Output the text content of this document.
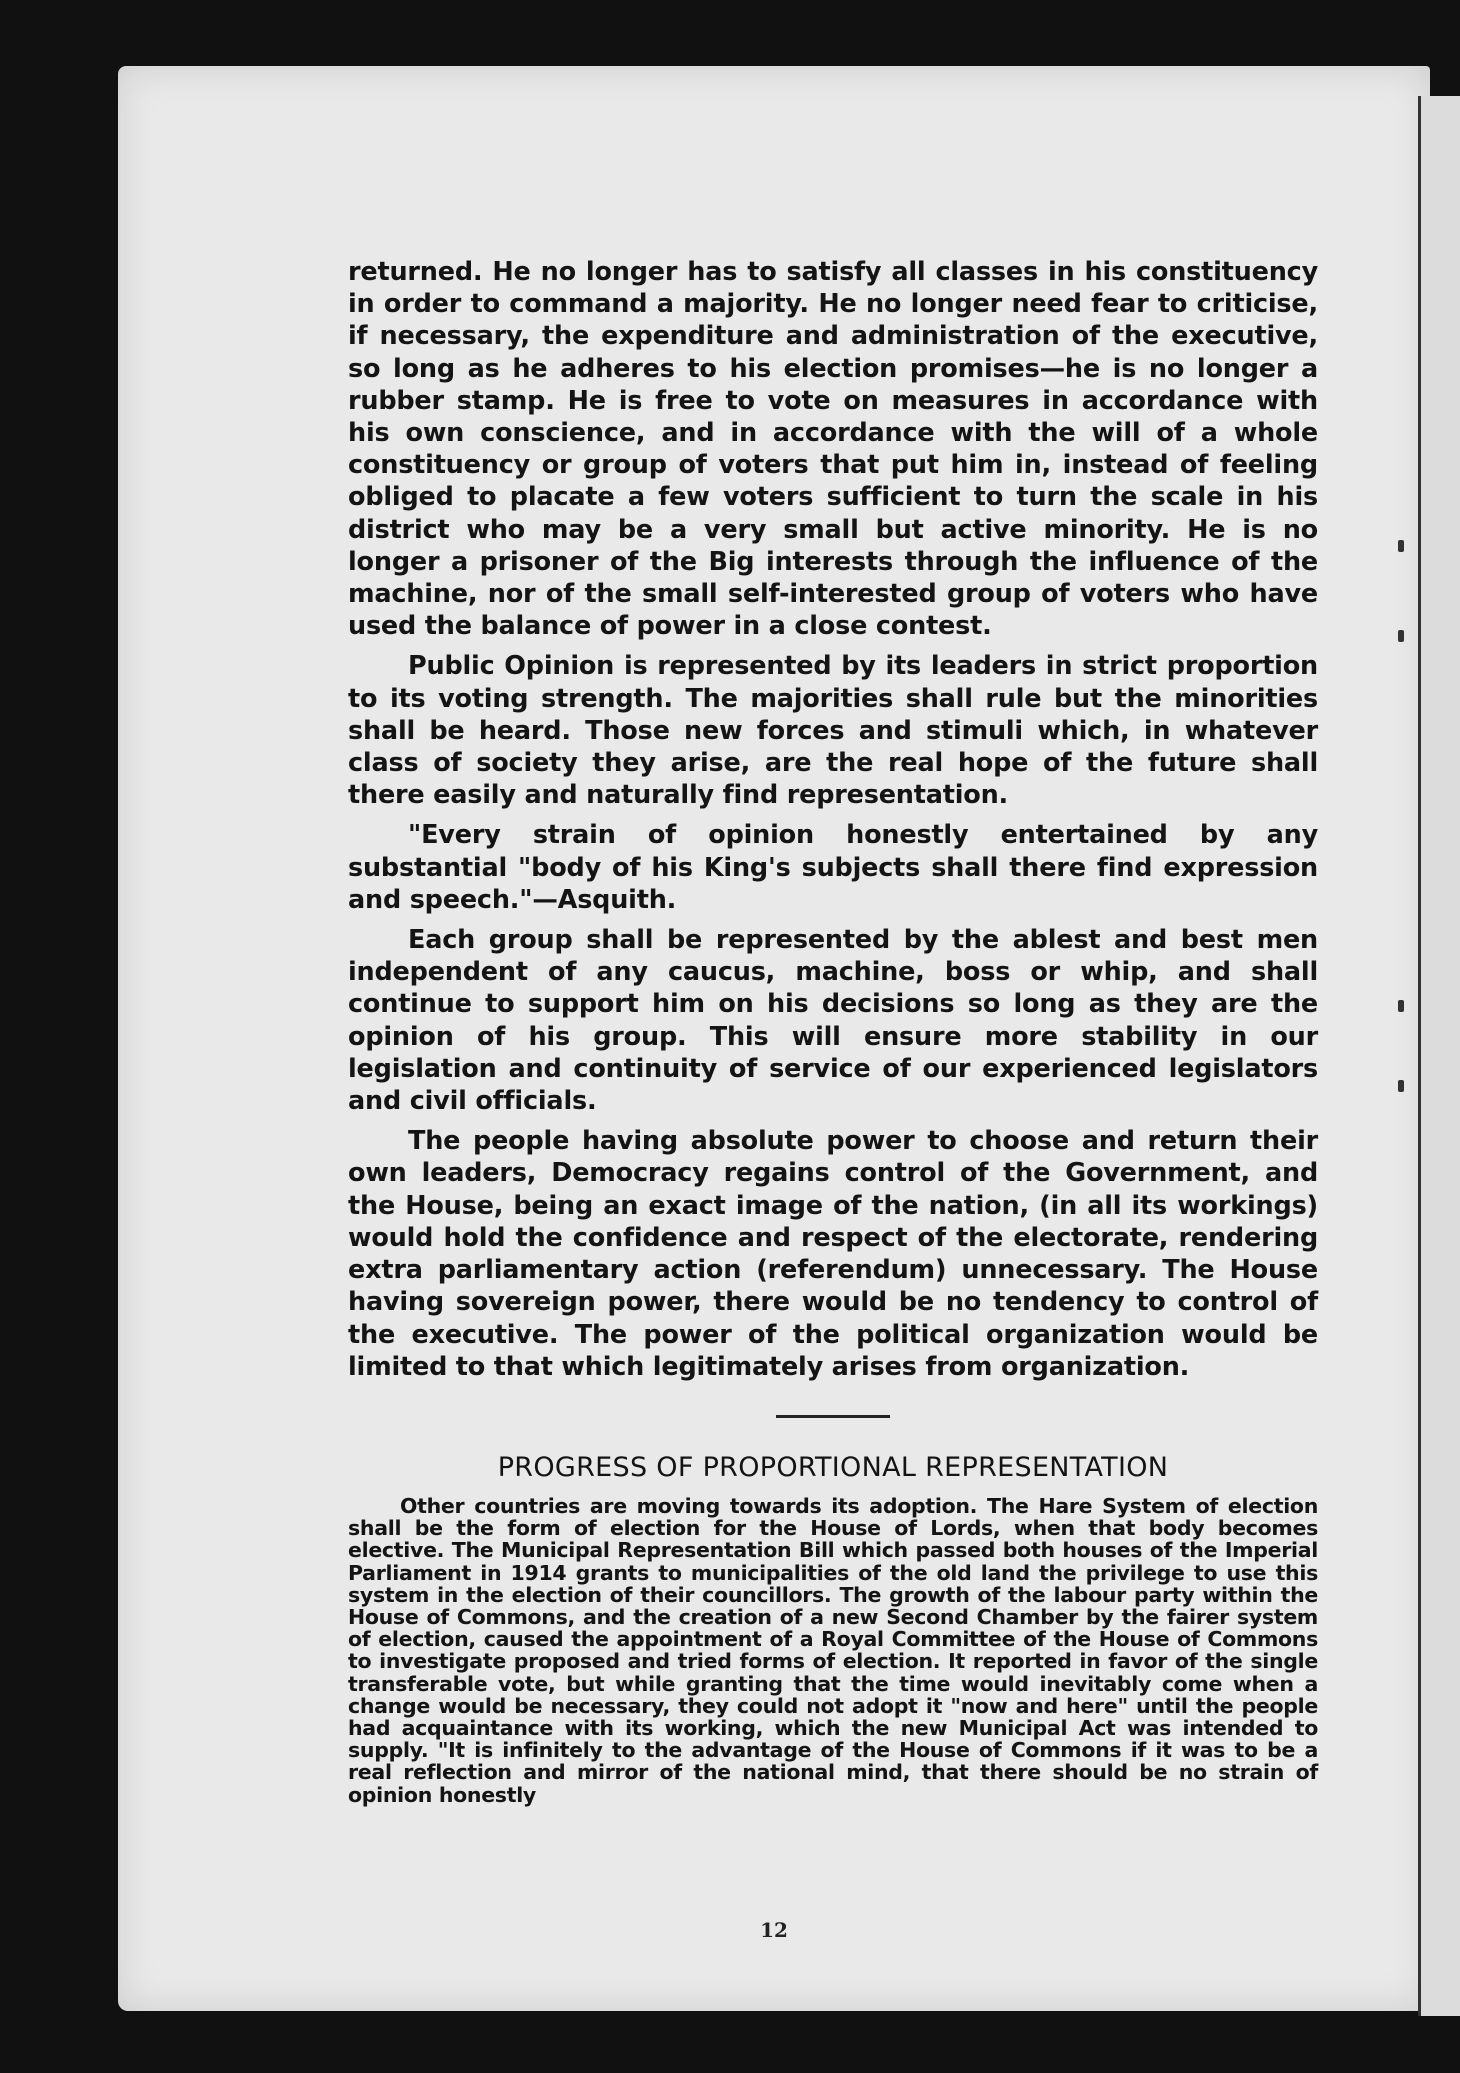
returned. He no longer has to satisfy all classes in his constituency in order to command a majority. He no longer need fear to criticise, if necessary, the expenditure and administration of the executive, so long as he adheres to his election promises—he is no longer a rubber stamp. He is free to vote on measures in accordance with his own conscience, and in accordance with the will of a whole constituency or group of voters that put him in, instead of feeling obliged to placate a few voters sufficient to turn the scale in his district who may be a very small but active minority. He is no longer a prisoner of the Big interests through the influence of the machine, nor of the small self-interested group of voters who have used the balance of power in a close contest.

Public Opinion is represented by its leaders in strict proportion to its voting strength. The majorities shall rule but the minorities shall be heard. Those new forces and stimuli which, in whatever class of society they arise, are the real hope of the future shall there easily and naturally find representation.

"Every strain of opinion honestly entertained by any substantial "body of his King's subjects shall there find expression and speech."—Asquith.

Each group shall be represented by the ablest and best men independent of any caucus, machine, boss or whip, and shall continue to support him on his decisions so long as they are the opinion of his group. This will ensure more stability in our legislation and continuity of service of our experienced legislators and civil officials.

The people having absolute power to choose and return their own leaders, Democracy regains control of the Government, and the House, being an exact image of the nation, (in all its workings) would hold the confidence and respect of the electorate, rendering extra parliamentary action (referendum) unnecessary. The House having sovereign power, there would be no tendency to control of the executive. The power of the political organization would be limited to that which legitimately arises from organization.

PROGRESS OF PROPORTIONAL REPRESENTATION

Other countries are moving towards its adoption. The Hare System of election shall be the form of election for the House of Lords, when that body becomes elective. The Municipal Representation Bill which passed both houses of the Imperial Parliament in 1914 grants to municipalities of the old land the privilege to use this system in the election of their councillors. The growth of the labour party within the House of Commons, and the creation of a new Second Chamber by the fairer system of election, caused the appointment of a Royal Committee of the House of Commons to investigate proposed and tried forms of election. It reported in favor of the single transferable vote, but while granting that the time would inevitably come when a change would be necessary, they could not adopt it "now and here" until the people had acquaintance with its working, which the new Municipal Act was intended to supply. "It is infinitely to the advantage of the House of Commons if it was to be a real reflection and mirror of the national mind, that there should be no strain of opinion honestly

12
